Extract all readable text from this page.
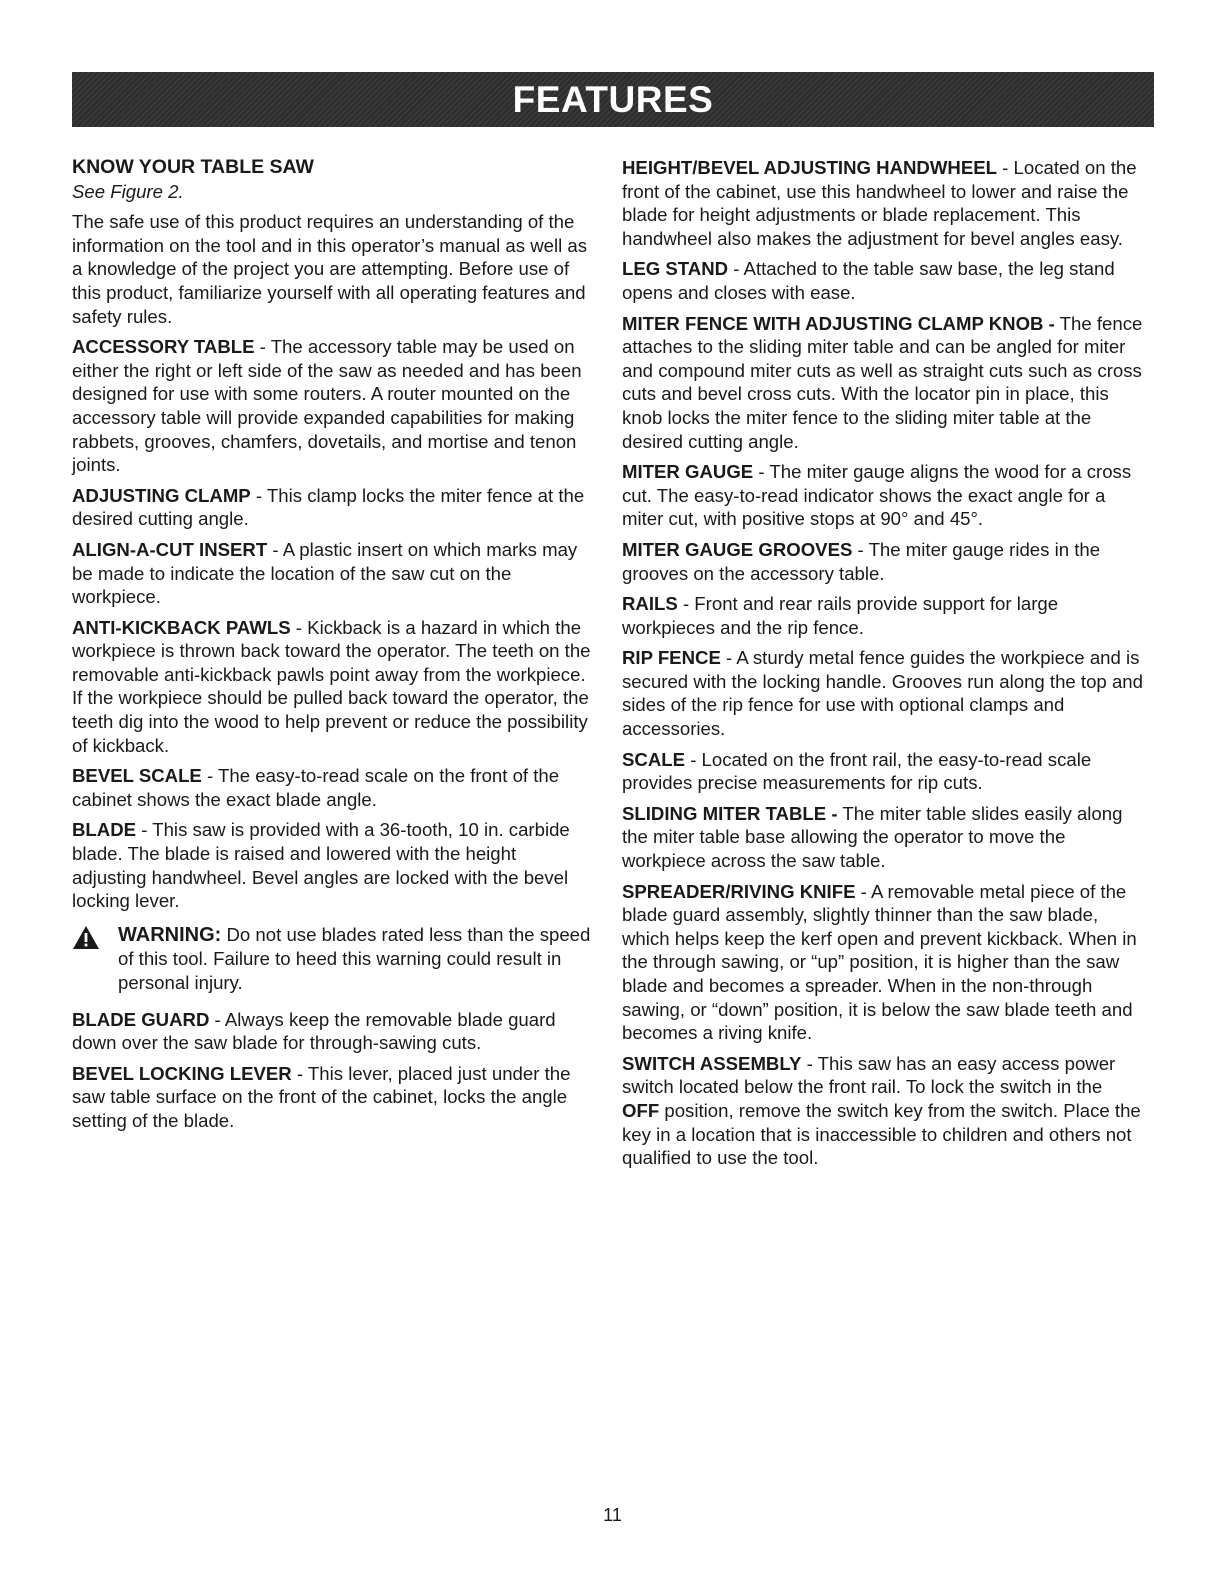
FEATURES

KNOW YOUR TABLE SAW

See Figure 2.

The safe use of this product requires an understanding of the information on the tool and in this operator’s manual as well as a knowledge of the project you are attempting. Before use of this product, familiarize yourself with all operating features and safety rules.

ACCESSORY TABLE - The accessory table may be used on either the right or left side of the saw as needed and has been designed for use with some routers. A router mounted on the accessory table will provide expanded capabilities for making rabbets, grooves, chamfers, dovetails, and mortise and tenon joints.

ADJUSTING CLAMP - This clamp locks the miter fence at the desired cutting angle.

ALIGN-A-CUT INSERT - A plastic insert on which marks may be made to indicate the location of the saw cut on the workpiece.

ANTI-KICKBACK PAWLS - Kickback is a hazard in which the workpiece is thrown back toward the operator. The teeth on the removable anti-kickback pawls point away from the workpiece. If the workpiece should be pulled back toward the operator, the teeth dig into the wood to help prevent or reduce the possibility of kickback.

BEVEL SCALE - The easy-to-read scale on the front of the cabinet shows the exact blade angle.

BLADE - This saw is provided with a 36-tooth, 10 in. carbide blade. The blade is raised and lowered with the height adjusting handwheel. Bevel angles are locked with the bevel locking lever.

WARNING: Do not use blades rated less than the speed of this tool. Failure to heed this warning could result in personal injury.

BLADE GUARD - Always keep the removable blade guard down over the saw blade for through-sawing cuts.

BEVEL LOCKING LEVER - This lever, placed just under the saw table surface on the front of the cabinet, locks the angle setting of the blade.

HEIGHT/BEVEL ADJUSTING HANDWHEEL - Located on the front of the cabinet, use this handwheel to lower and raise the blade for height adjustments or blade replacement. This handwheel also makes the adjustment for bevel angles easy.

LEG STAND - Attached to the table saw base, the leg stand opens and closes with ease.

MITER FENCE WITH ADJUSTING CLAMP KNOB - The fence attaches to the sliding miter table and can be angled for miter and compound miter cuts as well as straight cuts such as cross cuts and bevel cross cuts. With the locator pin in place, this knob locks the miter fence to the sliding miter table at the desired cutting angle.

MITER GAUGE - The miter gauge aligns the wood for a cross cut. The easy-to-read indicator shows the exact angle for a miter cut, with positive stops at 90° and 45°.

MITER GAUGE GROOVES - The miter gauge rides in the grooves on the accessory table.

RAILS - Front and rear rails provide support for large workpieces and the rip fence.

RIP FENCE - A sturdy metal fence guides the workpiece and is secured with the locking handle. Grooves run along the top and sides of the rip fence for use with optional clamps and accessories.

SCALE - Located on the front rail, the easy-to-read scale provides precise measurements for rip cuts.

SLIDING MITER TABLE - The miter table slides easily along the miter table base allowing the operator to move the workpiece across the saw table.

SPREADER/RIVING KNIFE - A removable metal piece of the blade guard assembly, slightly thinner than the saw blade, which helps keep the kerf open and prevent kickback. When in the through sawing, or “up” position, it is higher than the saw blade and becomes a spreader. When in the non-through sawing, or “down” position, it is below the saw blade teeth and becomes a riving knife.

SWITCH ASSEMBLY - This saw has an easy access power switch located below the front rail. To lock the switch in the OFF position, remove the switch key from the switch. Place the key in a location that is inaccessible to children and others not qualified to use the tool.

11
